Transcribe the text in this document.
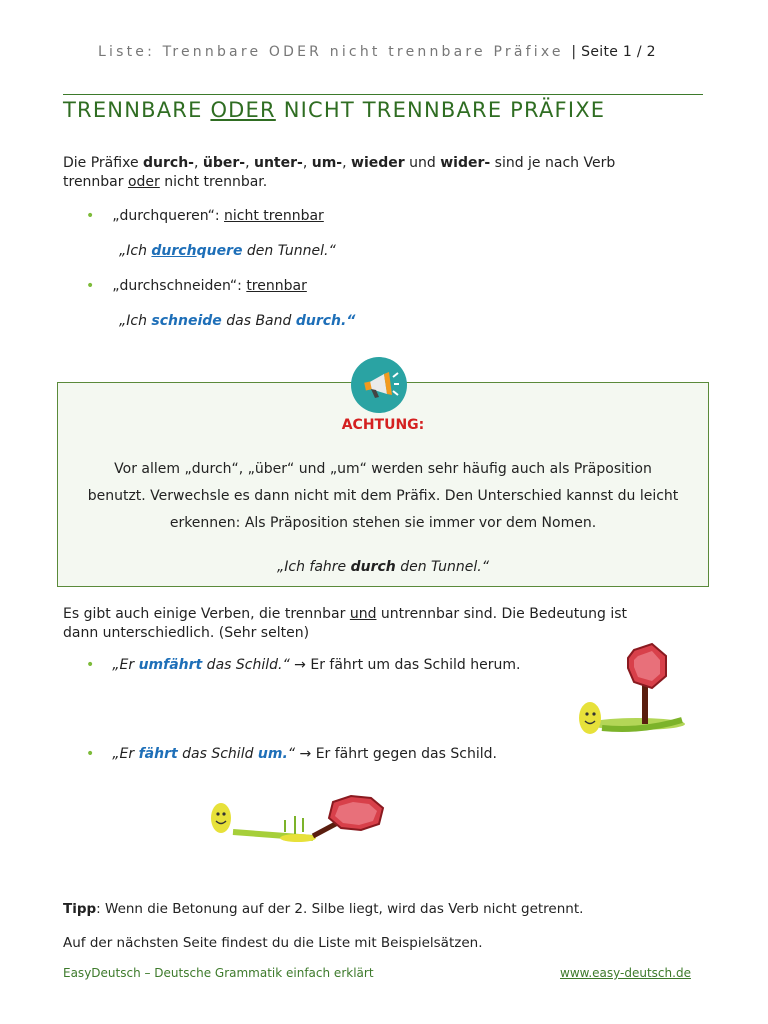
Liste: Trennbare ODER nicht trennbare Präfixe | Seite 1 / 2
TRENNBARE ODER NICHT TRENNBARE PRÄFIXE
Die Präfixe durch-, über-, unter-, um-, wieder und wider- sind je nach Verb
trennbar oder nicht trennbar.
• „durchqueren“: nicht trennbar
„Ich durchquere den Tunnel.“
• „durchschneiden“: trennbar
„Ich schneide das Band durch.“
ACHTUNG:
Vor allem „durch“, „über“ und „um“ werden sehr häufig auch als Präposition
benutzt. Verwechsle es dann nicht mit dem Präfix. Den Unterschied kannst du leicht
erkennen: Als Präposition stehen sie immer vor dem Nomen.
„Ich fahre durch den Tunnel.“
Es gibt auch einige Verben, die trennbar und untrennbar sind. Die Bedeutung ist
dann unterschiedlich. (Sehr selten)
• „Er umfährt das Schild.“ → Er fährt um das Schild herum.
• „Er fährt das Schild um.“ → Er fährt gegen das Schild.
Tipp: Wenn die Betonung auf der 2. Silbe liegt, wird das Verb nicht getrennt.
Auf der nächsten Seite findest du die Liste mit Beispielsätzen.
EasyDeutsch – Deutsche Grammatik einfach erklärt	www.easy-deutsch.de
